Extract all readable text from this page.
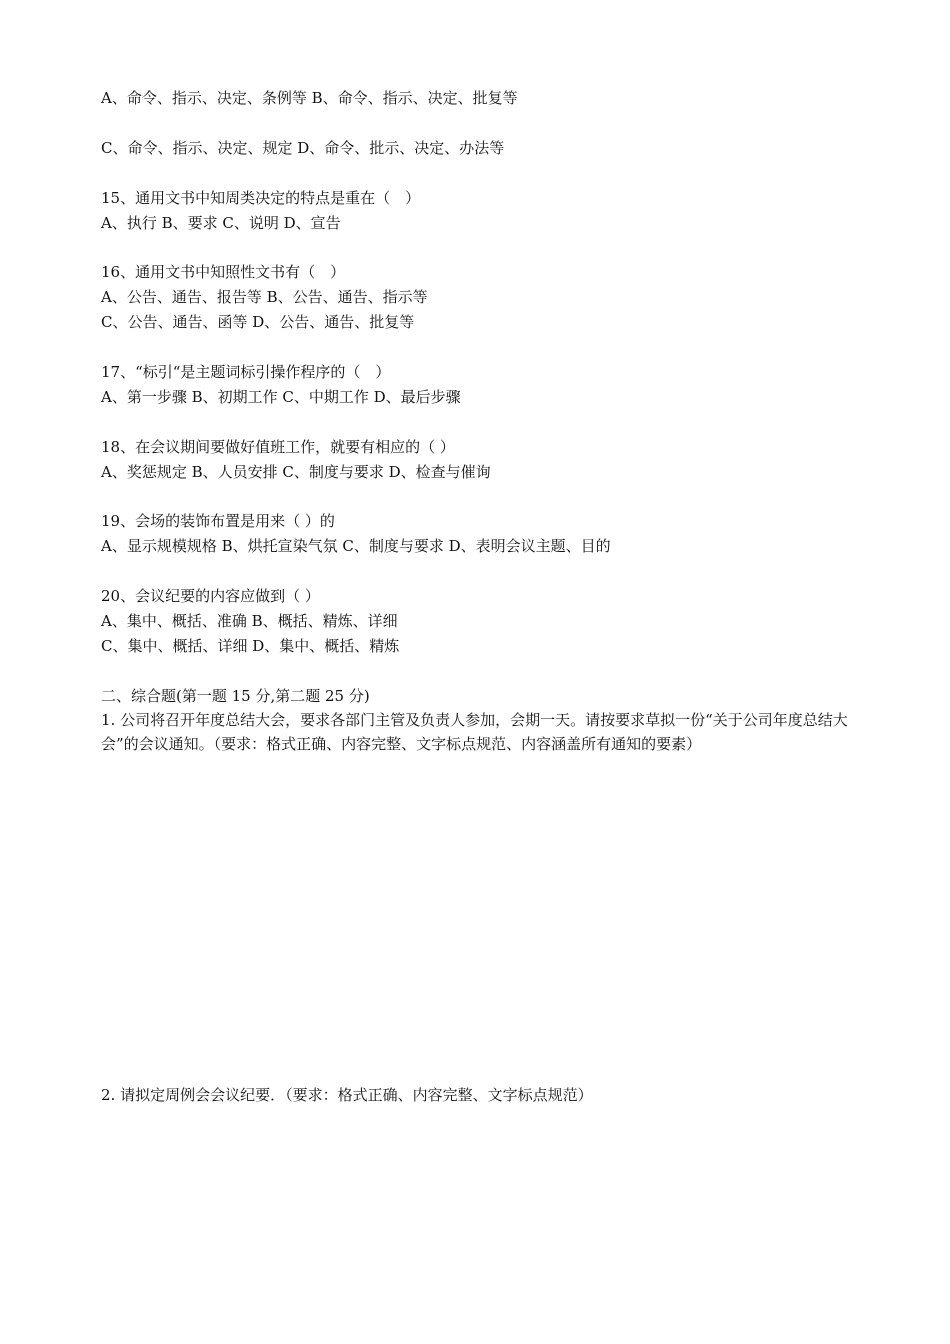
A、命令、指示、决定、条例等 B、命令、指示、决定、批复等
C、命令、指示、决定、规定 D、命令、批示、决定、办法等
15、通用文书中知周类决定的特点是重在（　）
A、执行 B、要求 C、说明 D、宣告
16、通用文书中知照性文书有（　）
A、公告、通告、报告等 B、公告、通告、指示等
C、公告、通告、函等 D、公告、通告、批复等
17、“标引“是主题词标引操作程序的（　）
A、第一步骤 B、初期工作 C、中期工作 D、最后步骤
18、在会议期间要做好值班工作，就要有相应的（ ）
A、奖惩规定 B、人员安排 C、制度与要求 D、检查与催询
19、会场的装饰布置是用来（ ）的
A、显示规模规格 B、烘托宣染气氛 C、制度与要求 D、表明会议主题、目的
20、会议纪要的内容应做到（ ）
A、集中、概括、准确 B、概括、精炼、详细
C、集中、概括、详细 D、集中、概括、精炼
二、综合题(第一题 15 分,第二题 25 分)
1. 公司将召开年度总结大会，要求各部门主管及负责人参加，会期一天。请按要求草拟一份“关于公司年度总结大会”的会议通知。（要求：格式正确、内容完整、文字标点规范、内容涵盖所有通知的要素）
2. 请拟定周例会会议纪要．（要求：格式正确、内容完整、文字标点规范）
